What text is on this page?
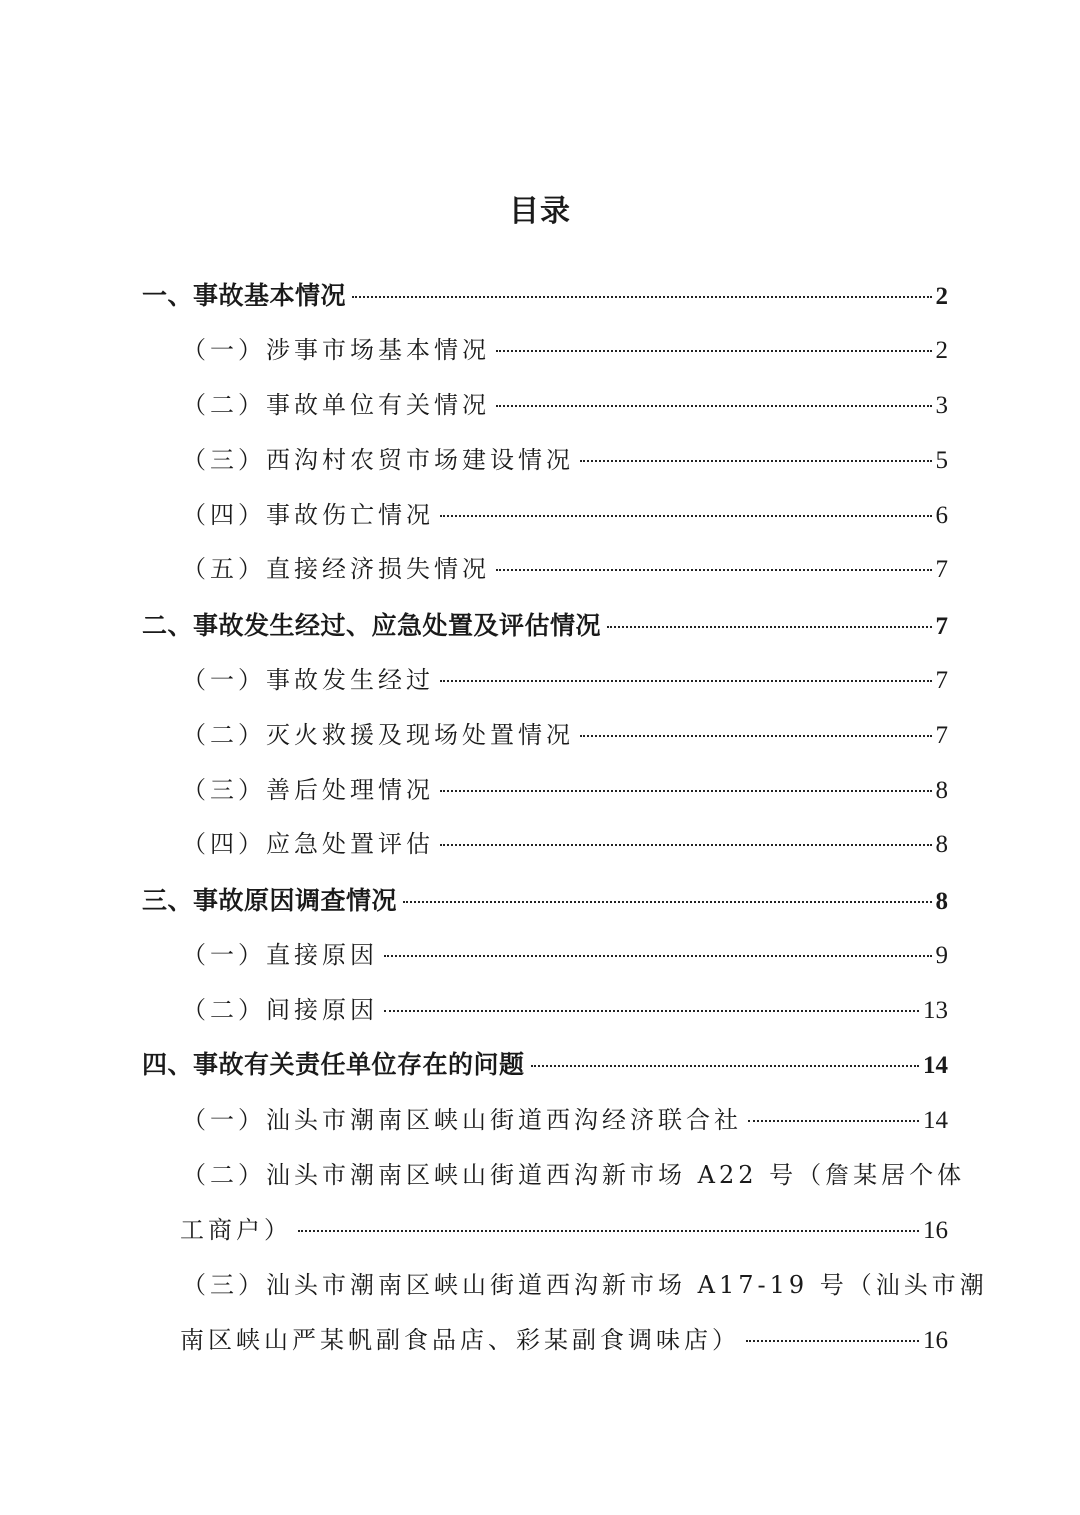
目录
一、事故基本情况	2
（一）涉事市场基本情况	2
（二）事故单位有关情况	3
（三）西沟村农贸市场建设情况	5
（四）事故伤亡情况	6
（五）直接经济损失情况	7
二、事故发生经过、应急处置及评估情况	7
（一）事故发生经过	7
（二）灭火救援及现场处置情况	7
（三）善后处理情况	8
（四）应急处置评估	8
三、事故原因调查情况	8
（一）直接原因	9
（二）间接原因	13
四、事故有关责任单位存在的问题	14
（一）汕头市潮南区峡山街道西沟经济联合社	14
（二）汕头市潮南区峡山街道西沟新市场 A22 号（詹某居个体
工商户）	16
（三）汕头市潮南区峡山街道西沟新市场 A17-19 号（汕头市潮
南区峡山严某帆副食品店、彩某副食调味店）	16
